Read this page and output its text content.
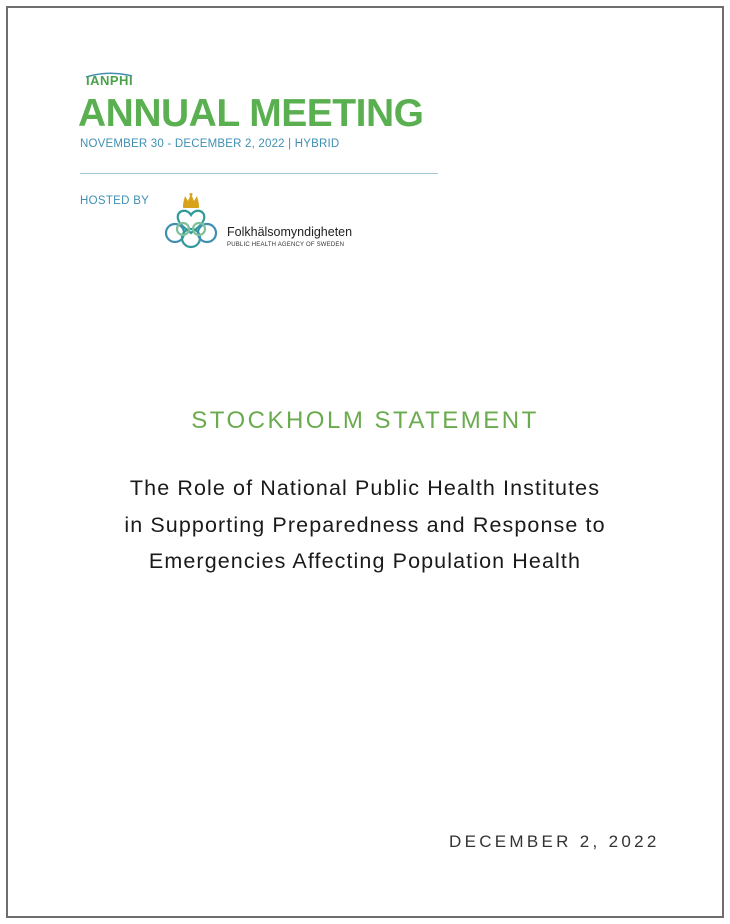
IANPHI
ANNUAL MEETING
NOVEMBER 30 - DECEMBER 2, 2022 | HYBRID
HOSTED BY
Folkhälsomyndigheten
PUBLIC HEALTH AGENCY OF SWEDEN
STOCKHOLM STATEMENT
The Role of National Public Health Institutes
in Supporting Preparedness and Response to
Emergencies Affecting Population Health
DECEMBER 2, 2022
